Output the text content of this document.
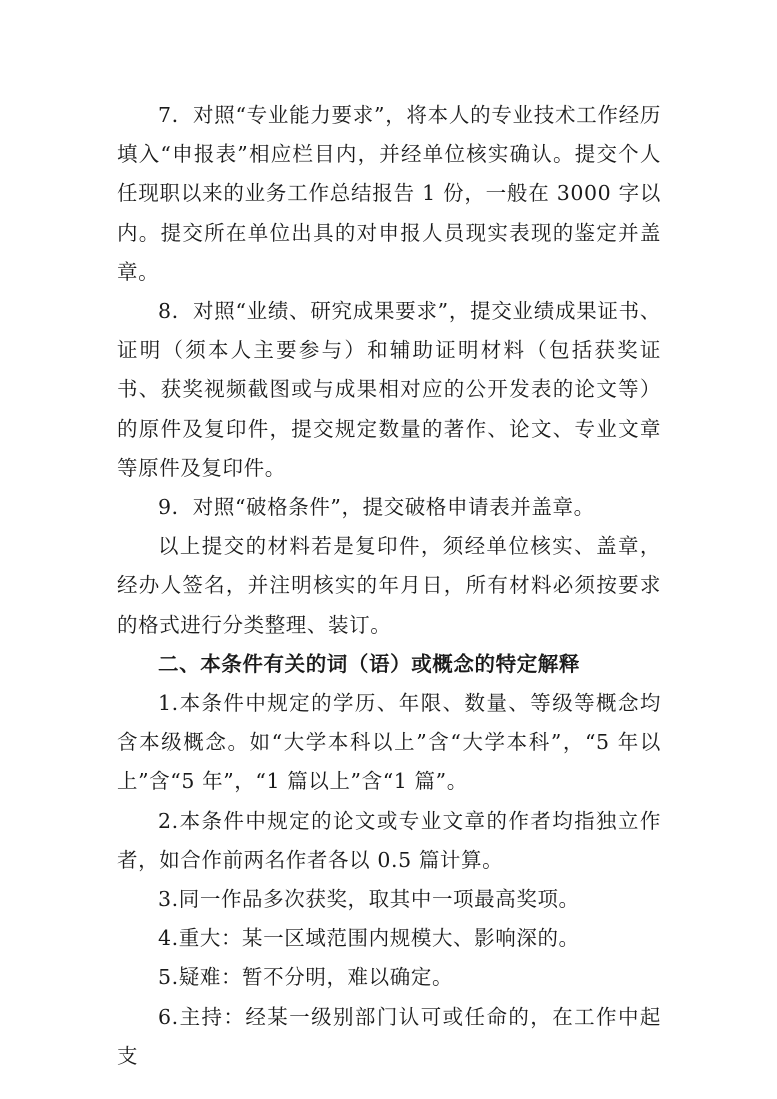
7．对照“专业能力要求”，将本人的专业技术工作经历填入“申报表”相应栏目内，并经单位核实确认。提交个人任现职以来的业务工作总结报告 1 份，一般在 3000 字以内。提交所在单位出具的对申报人员现实表现的鉴定并盖章。

8．对照“业绩、研究成果要求”，提交业绩成果证书、证明（须本人主要参与）和辅助证明材料（包括获奖证书、获奖视频截图或与成果相对应的公开发表的论文等）的原件及复印件，提交规定数量的著作、论文、专业文章等原件及复印件。

9．对照“破格条件”，提交破格申请表并盖章。

以上提交的材料若是复印件，须经单位核实、盖章，经办人签名，并注明核实的年月日，所有材料必须按要求的格式进行分类整理、装订。

二、本条件有关的词（语）或概念的特定解释

1.本条件中规定的学历、年限、数量、等级等概念均含本级概念。如“大学本科以上”含“大学本科”，“5 年以上”含“5 年”，“1 篇以上”含“1 篇”。

2.本条件中规定的论文或专业文章的作者均指独立作者，如合作前两名作者各以 0.5 篇计算。

3.同一作品多次获奖，取其中一项最高奖项。

4.重大：某一区域范围内规模大、影响深的。

5.疑难：暂不分明，难以确定。

6.主持：经某一级别部门认可或任命的，在工作中起支
